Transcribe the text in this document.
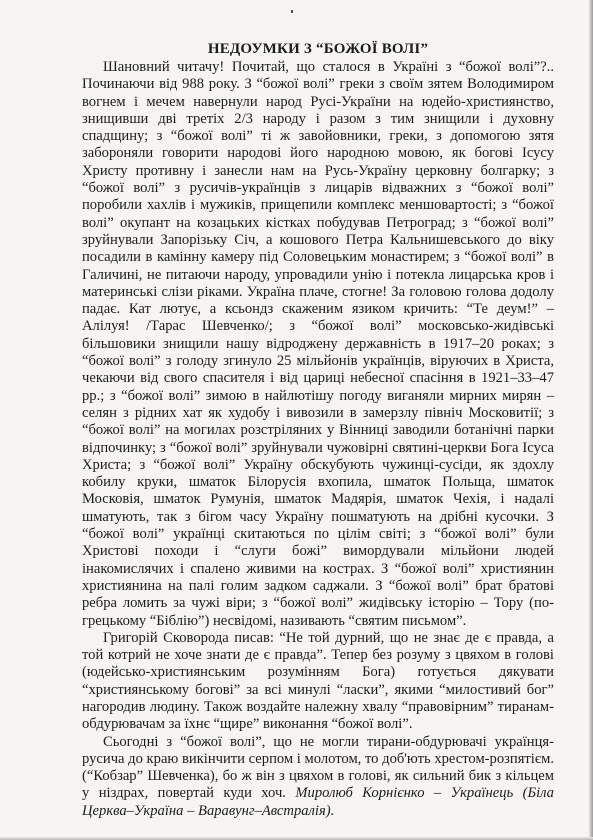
НЕДОУМКИ З “БОЖОЇ ВОЛІ”

Шановний читачу! Почитай, що сталося в Україні з “божої волі”?.. Починаючи від 988 року. З “божої волі” греки з своїм зятем Володимиром вогнем і мечем навернули народ Русі-України на юдейо-християнство, знищивши дві третіх 2/3 народу і разом з тим знищили і духовну спадщину; з “божої волі” ті ж завойовники, греки, з допомогою зятя забороняли говорити народові його народною мовою, як богові Ісусу Христу противну і занесли нам на Русь-Україну церковну болгарку; з “божої волі” з русичів-українців з лицарів відважних з “божої волі” поробили хахлів і мужиків, прищепили комплекс меншовартості; з “божої волі” окупант на козацьких кістках побудував Петроград; з “божої волі” зруйнували Запорізьку Січ, а кошового Петра Кальнишевського до віку посадили в камінну камеру під Соловецьким монастирем; з “божої волі” в Галичині, не питаючи народу, упровадили унію і потекла лицарська кров і материнські слізи ріками. Україна плаче, стогне! За головою голова додолу падає. Кат лютує, а ксьондз скаженим язиком кричить: “Те деум!” – Алілуя! /Тарас Шевченко/; з “божої волі” московсько-жидівські більшовики знищили нашу відроджену державність в 1917–20 роках; з “божої волі” з голоду згинуло 25 мільйонів українців, віруючих в Христа, чекаючи від свого спасителя і від цариці небесної спасіння в 1921–33–47 рр.; з “божої волі” зимою в найлютішу погоду виганяли мирних мирян – селян з рідних хат як худобу і вивозили в замерзлу північ Московитії; з “божої волі” на могилах розстріляних у Вінниці заводили ботанічні парки відпочинку; з “божої волі” зруйнували чужовірні святині-церкви Бога Ісуса Христа; з “божої волі” Україну обскубують чужинці-сусіди, як здохлу кобилу круки, шматок Білорусія вхопила, шматок Польща, шматок Московія, шматок Румунія, шматок Мадярія, шматок Чехія, і надалі шматують, так з бігом часу Україну пошматують на дрібні кусочки. З “божої волі” українці скитаються по цілім світі; з “божої волі” були Христові походи і “слуги божі” вимордували мільйони людей інакомислячих і спалено живими на кострах. З “божої волі” християнин християнина на палі голим задком саджали. З “божої волі” брат братові ребра ломить за чужі віри; з “божої волі” жидівську історію – Тору (по-грецькому “Біблію”) несвідомі, називають “святим письмом”.

Григорій Сковорода писав: “Не той дурний, що не знає де є правда, а той котрий не хоче знати де є правда”. Тепер без розуму з цвяхом в голові (юдейсько-християнським розумінням Бога) готується дякувати “християнському богові” за всі минулі “ласки”, якими “милостивий бог” нагородив людину. Також воздайте належну хвалу “правовірним” тиранам-обдурювачам за їхнє “щире” виконання “божої волі”.

Сьогодні з “божої волі”, що не могли тирани-обдурювачі українця-русича до краю викінчити серпом і молотом, то доб'ють хрестом-розпятієм. (“Кобзар” Шевченка), бо ж він з цвяхом в голові, як сильний бик з кільцем у ніздрах, повертай куди хоч. Миролюб Корнієнко – Українець (Біла Церква–Україна – Варавунг–Австралія).
